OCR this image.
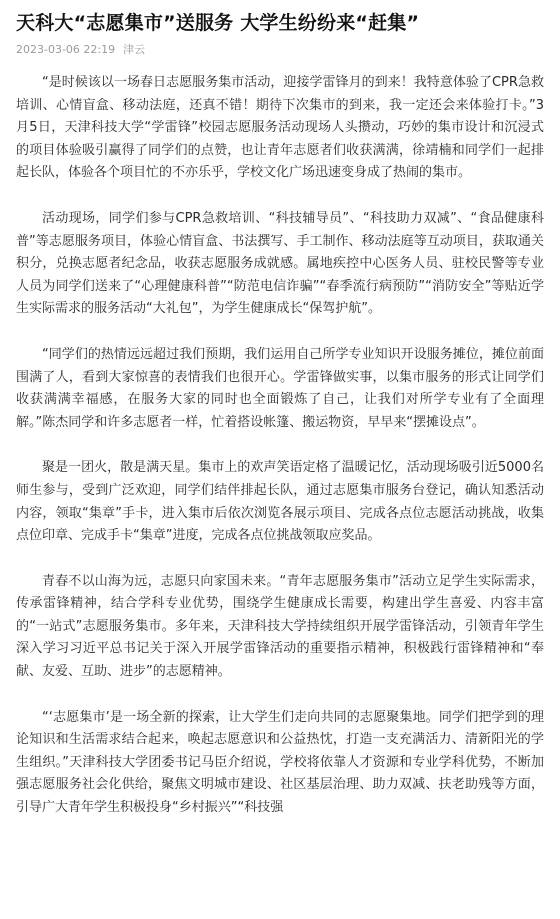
天科大“志愿集市”送服务 大学生纷纷来“赶集”
2023-03-06 22:19 津云

“是时候该以一场春日志愿服务集市活动，迎接学雷锋月的到来！我特意体验了CPR急救培训、心情盲盒、移动法庭，还真不错！期待下次集市的到来，我一定还会来体验打卡。”3月5日，天津科技大学“学雷锋”校园志愿服务活动现场人头攒动，巧妙的集市设计和沉浸式的项目体验吸引赢得了同学们的点赞，也让青年志愿者们收获满满，徐靖楠和同学们一起排起长队，体验各个项目忙的不亦乐乎，学校文化广场迅速变身成了热闹的集市。

活动现场，同学们参与CPR急救培训、“科技辅导员”、“科技助力双减”、“食品健康科普”等志愿服务项目，体验心情盲盒、书法撰写、手工制作、移动法庭等互动项目，获取通关积分，兑换志愿者纪念品，收获志愿服务成就感。属地疾控中心医务人员、驻校民警等专业人员为同学们送来了“心理健康科普”“防范电信诈骗”“春季流行病预防”“消防安全”等贴近学生实际需求的服务活动“大礼包”，为学生健康成长“保驾护航”。

“同学们的热情远远超过我们预期，我们运用自己所学专业知识开设服务摊位，摊位前面围满了人，看到大家惊喜的表情我们也很开心。学雷锋做实事，以集市服务的形式让同学们收获满满幸福感，在服务大家的同时也全面锻炼了自己，让我们对所学专业有了全面理解。”陈杰同学和许多志愿者一样，忙着搭设帐篷、搬运物资，早早来“摆摊设点”。

聚是一团火，散是满天星。集市上的欢声笑语定格了温暖记忆，活动现场吸引近5000名师生参与，受到广泛欢迎，同学们结伴排起长队，通过志愿集市服务台登记，确认知悉活动内容，领取“集章”手卡，进入集市后依次浏览各展示项目、完成各点位志愿活动挑战，收集点位印章、完成手卡“集章”进度，完成各点位挑战领取应奖品。

青春不以山海为远，志愿只向家国未来。“青年志愿服务集市”活动立足学生实际需求，传承雷锋精神，结合学科专业优势，围绕学生健康成长需要，构建出学生喜爱、内容丰富的“一站式”志愿服务集市。多年来，天津科技大学持续组织开展学雷锋活动，引领青年学生深入学习习近平总书记关于深入开展学雷锋活动的重要指示精神，积极践行雷锋精神和“奉献、友爱、互助、进步”的志愿精神。

“‘志愿集市’是一场全新的探索，让大学生们走向共同的志愿聚集地。同学们把学到的理论知识和生活需求结合起来，唤起志愿意识和公益热忱，打造一支充满活力、清新阳光的学生组织。”天津科技大学团委书记马臣介绍说，学校将依靠人才资源和专业学科优势，不断加强志愿服务社会化供给，聚焦文明城市建设、社区基层治理、助力双减、扶老助残等方面，引导广大青年学生积极投身“乡村振兴”“科技强
